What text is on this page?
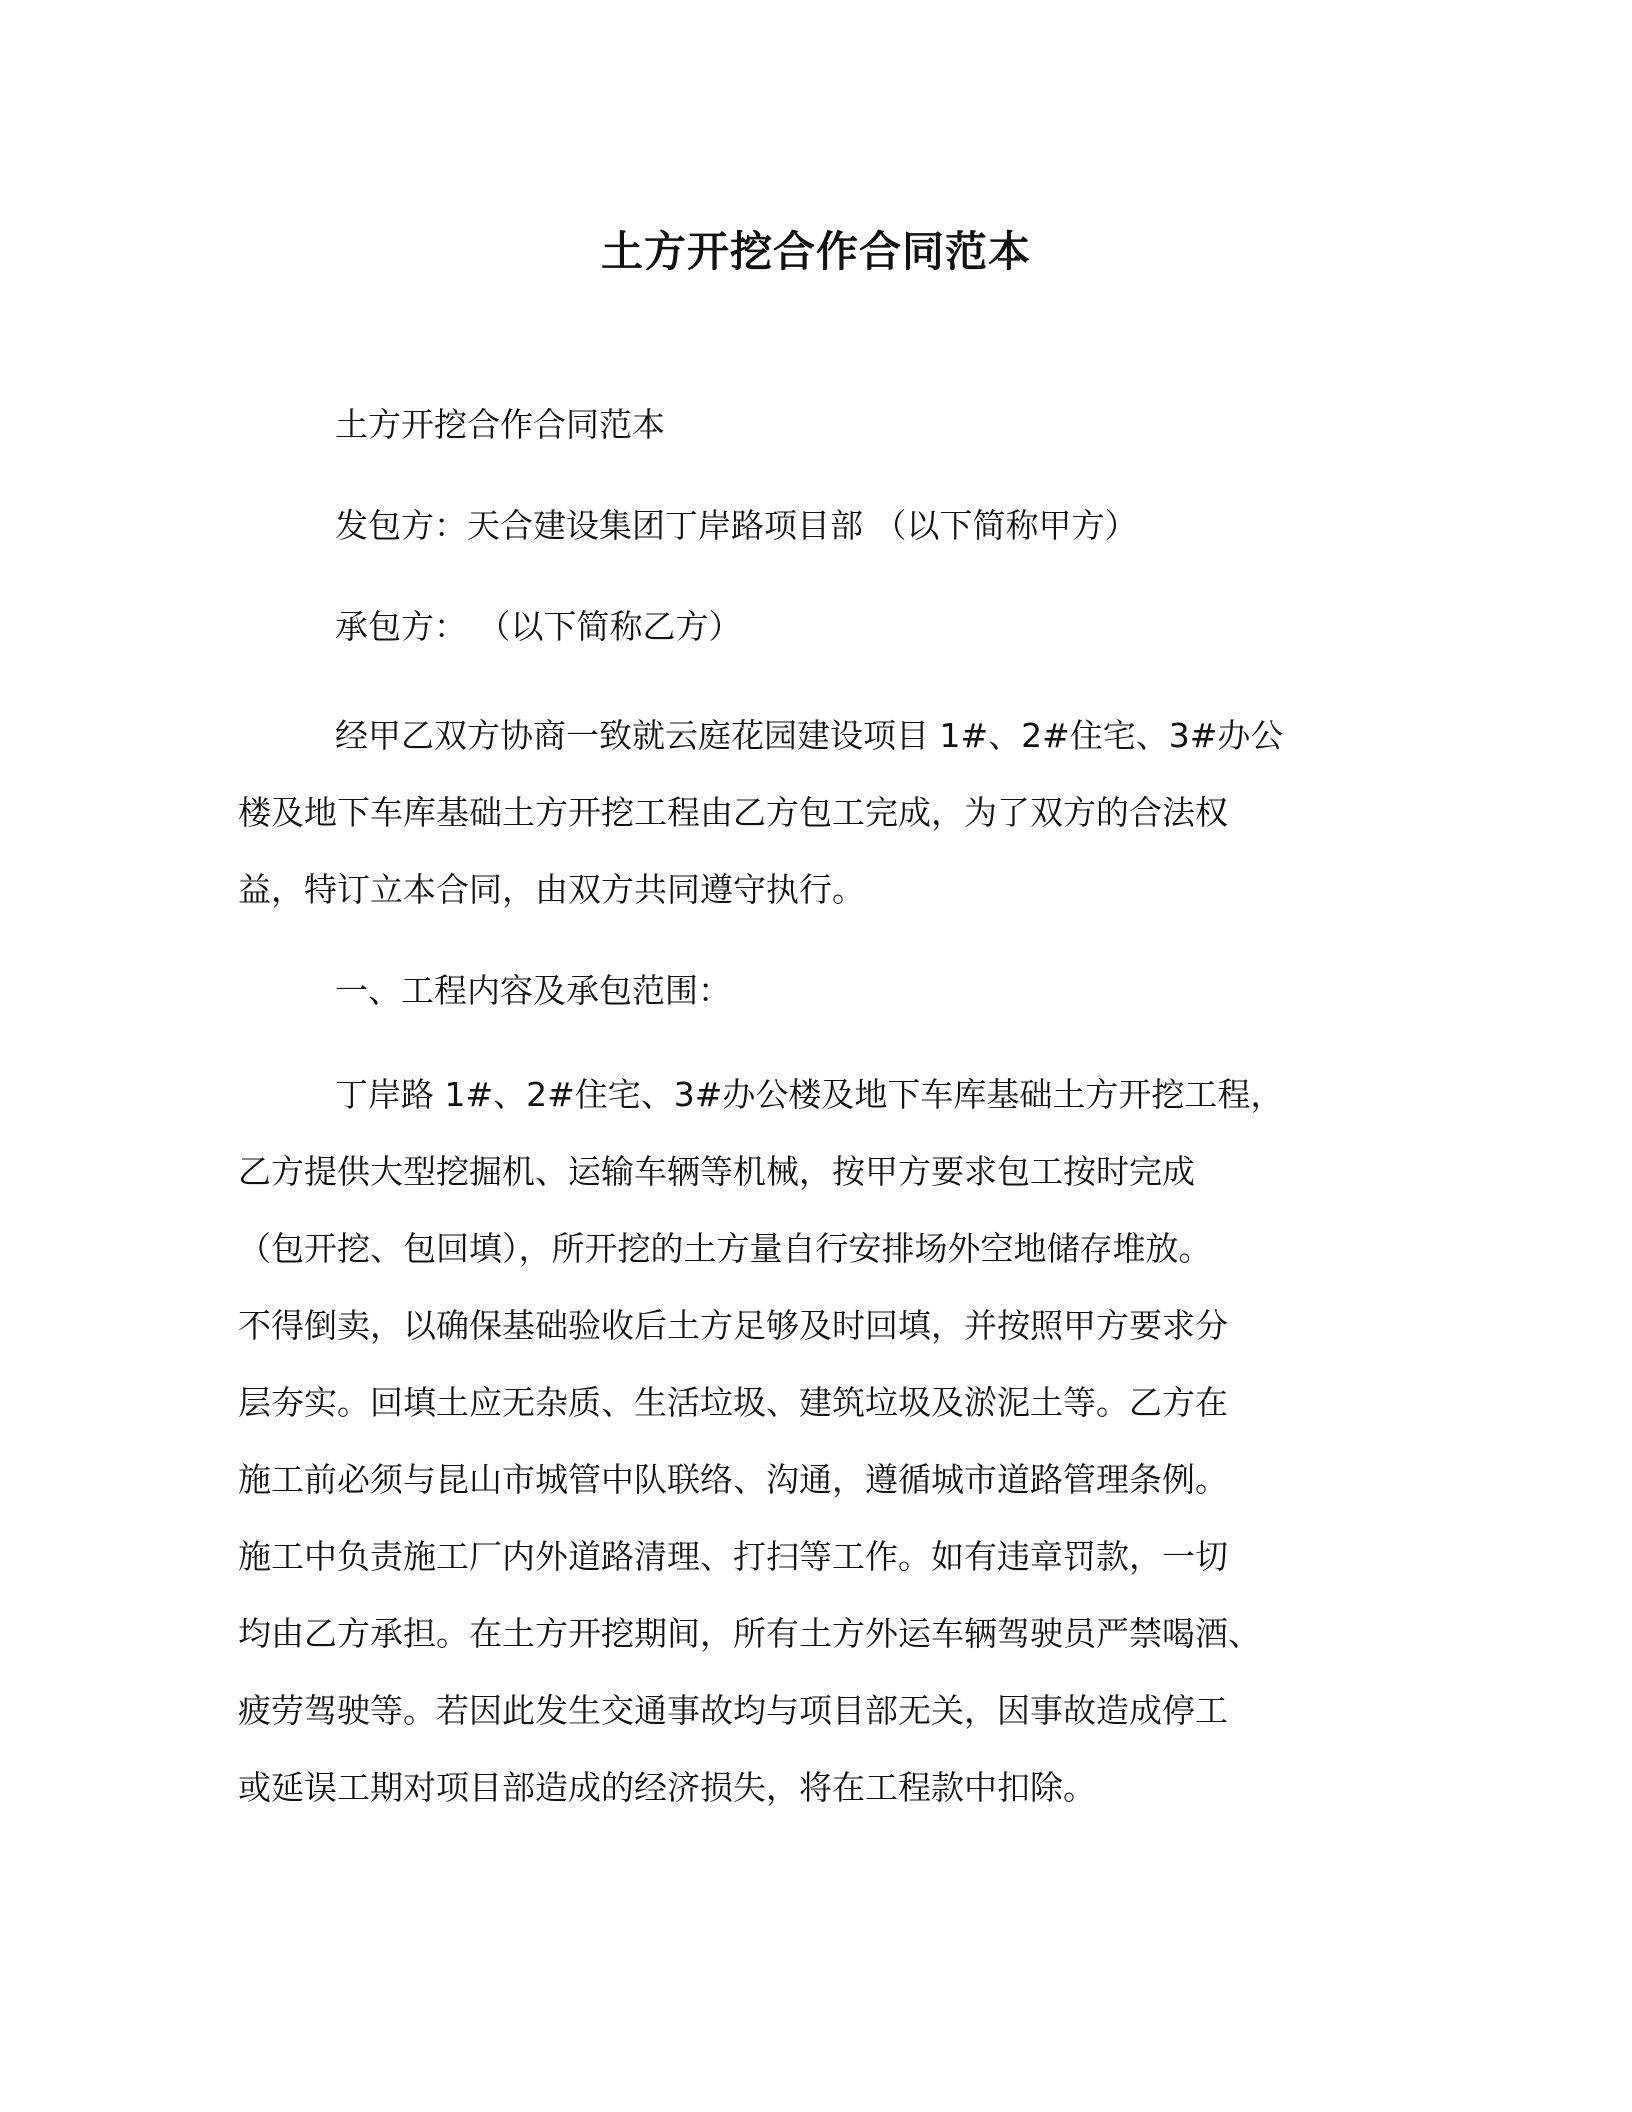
土方开挖合作合同范本

土方开挖合作合同范本

发包方：天合建设集团丁岸路项目部 （以下简称甲方）

承包方： （以下简称乙方）

经甲乙双方协商一致就云庭花园建设项目 1#、2#住宅、3#办公
楼及地下车库基础土方开挖工程由乙方包工完成，为了双方的合法权
益，特订立本合同，由双方共同遵守执行。

一、工程内容及承包范围：

丁岸路 1#、2#住宅、3#办公楼及地下车库基础土方开挖工程，
乙方提供大型挖掘机、运输车辆等机械，按甲方要求包工按时完成
（包开挖、包回填），所开挖的土方量自行安排场外空地储存堆放。
不得倒卖，以确保基础验收后土方足够及时回填，并按照甲方要求分
层夯实。回填土应无杂质、生活垃圾、建筑垃圾及淤泥土等。乙方在
施工前必须与昆山市城管中队联络、沟通，遵循城市道路管理条例。
施工中负责施工厂内外道路清理、打扫等工作。如有违章罚款，一切
均由乙方承担。在土方开挖期间，所有土方外运车辆驾驶员严禁喝酒、
疲劳驾驶等。若因此发生交通事故均与项目部无关，因事故造成停工
或延误工期对项目部造成的经济损失，将在工程款中扣除。
